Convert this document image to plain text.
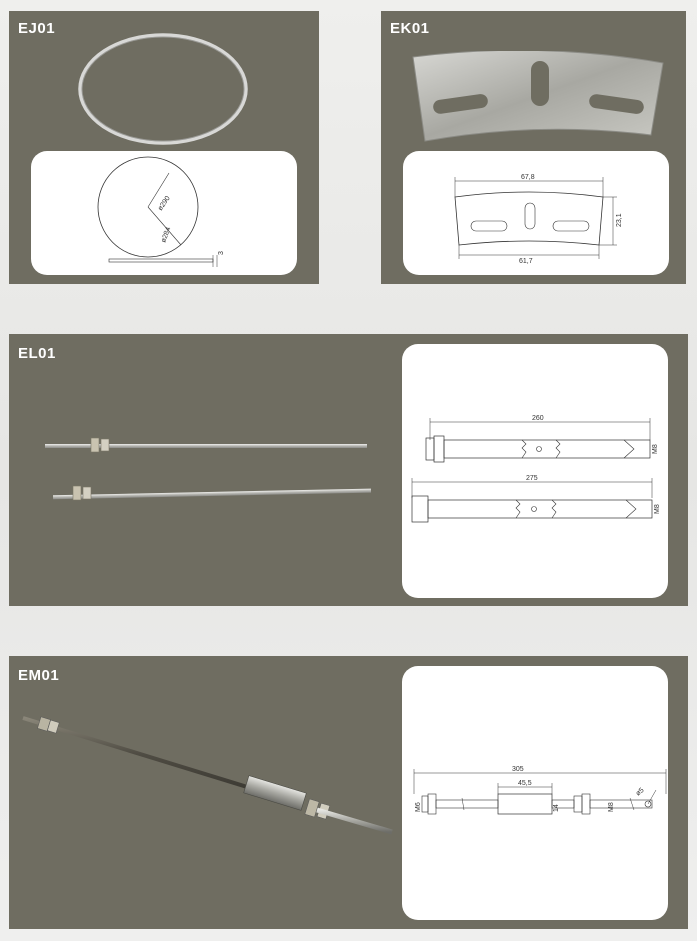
EJ01
ø290
ø284
3
EK01
67,8
23,1
61,7
EL01
260
M8
275
M8
EM01
305
45,5
M6	14	M8
ø5
